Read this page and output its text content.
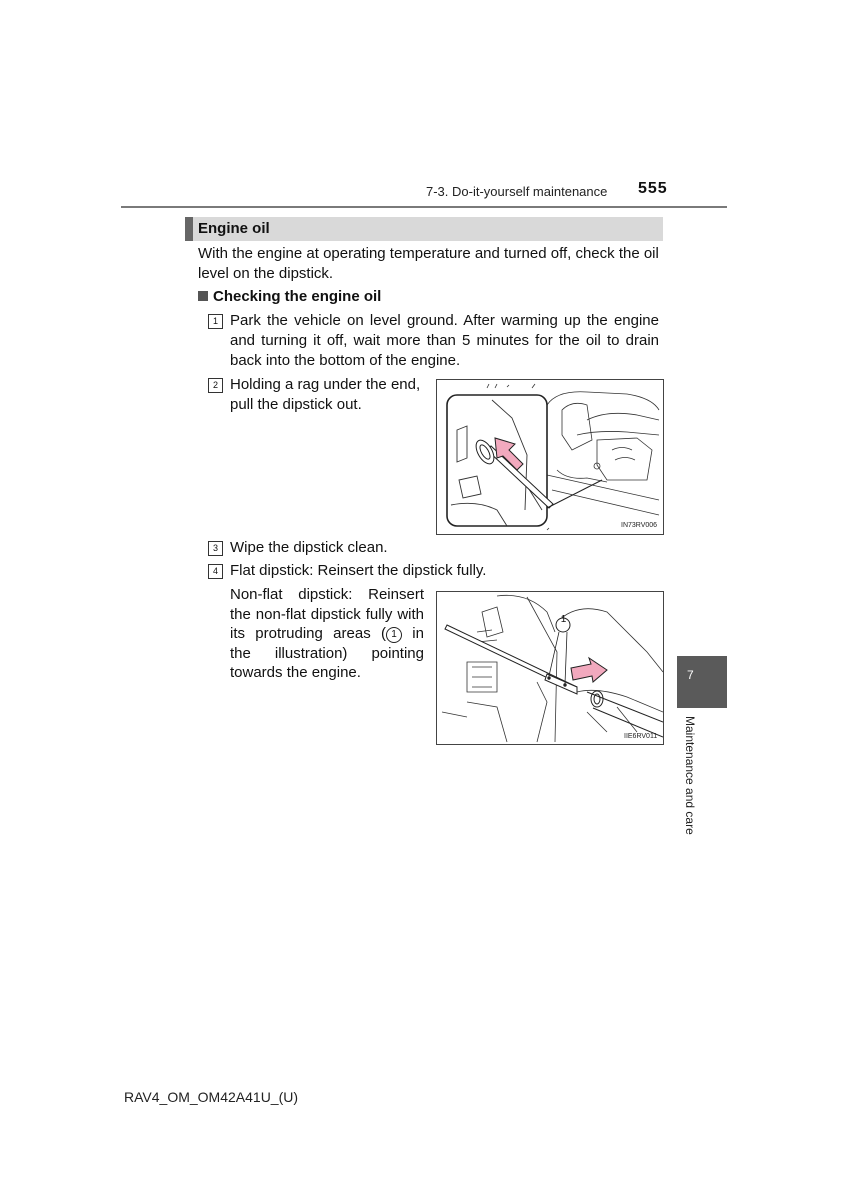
7-3. Do-it-yourself maintenance 555
Engine oil
With the engine at operating temperature and turned off, check the oil level on the dipstick.
Checking the engine oil
1 Park the vehicle on level ground. After warming up the engine and turning it off, wait more than 5 minutes for the oil to drain back into the bottom of the engine.
2 Holding a rag under the end, pull the dipstick out.
IN73RV006
3 Wipe the dipstick clean.
4 Flat dipstick: Reinsert the dipstick fully.
Non-flat dipstick: Reinsert the non-flat dipstick fully with its protruding areas ( 1 in the illustration) pointing towards the engine.
IIE6RV011
1
7
Maintenance and care
RAV4_OM_OM42A41U_(U)
